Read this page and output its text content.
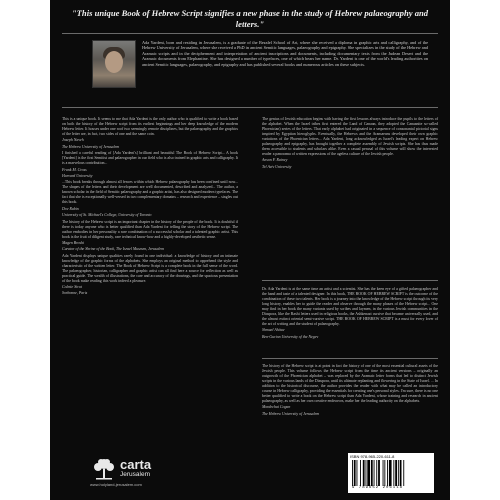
"This unique Book of Hebrew Script signifies a new phase in the study of Hebrew palaeography and letters."
Ada Yardeni, born and residing in Jerusalem, is a graduate of the Bezalel School of Art, where she received a diploma in graphic arts and calligraphy, and of the Hebrew University of Jerusalem, where she received a PhD in ancient Semitic languages, palaeography and epigraphy. She specializes in the study of the Hebrew and Aramaic scripts and in the decipherment and interpretation of ancient inscriptions and documents, including documentary texts from the Judean Desert and the Aramaic documents from Elephantine. She has designed a number of typefaces, one of which bears her name. Dr. Yardeni is one of the world's leading authorities on ancient Semitic languages, palaeography, and epigraphy and has published several books and numerous articles on these subjects.

This is a unique book. It seems to me that Ada Yardeni is the only author who is qualified to write a book based on both the history of the Hebrew script from its earliest beginnings and her deep knowledge of the modern Hebrew letter. It houses under one roof two seemingly remote disciplines, but the palaeography and the graphics of the letter are, in fact, two sides of one and the same coin.

Joseph Naveh

The Hebrew University of Jerusalem

I finished a careful reading of [Ada Yardeni's] brilliant and beautiful The Book of Hebrew Script... A book [Yardeni] is the first Semitist and palaeographer in our field who is also trained in graphic arts and calligraphy. It is a marvelous contribution...

Frank M. Cross

Harvard University

...This book breaks through almost all fences within which Hebrew palaeography has been confined until now... The shapes of the letters and their development are well documented, described and analyzed... The author, a known scholar in the field of Semitic palaeography and a graphic artist, has also designed modern typefaces. The fact that she is exceptionally well-versed in two complementary domains – research and experience – singles out this book.

Dov Rabin

University of St. Michael's College, University of Toronto

The history of the Hebrew script is an important chapter in the history of the people of the book. It is doubtful if there is today anyone who is better qualified than Ada Yardeni for telling the story of the Hebrew script. The author embodies in her personality a rare combination of a successful scholar and a talented graphic artist. This book is the fruit of diligent study, rare technical know-how and a highly-developed aesthetic sense.

Magen Broshi

Curator of the Shrine of the Book, The Israel Museum, Jerusalem

Ada Yardeni displays unique qualities rarely found in one individual: a knowledge of history and an intimate knowledge of the graphic forms of the alphabets. She employs an original method to apprehend the style and characteristic of the written letter. The Book of Hebrew Script is a complete book in the full sense of the word. The palaeographer, historian, calligrapher and graphic artist can all find here a source for reflection as well as practical guide. The wealth of illustrations, the care and accuracy of the drawings, and the spacious presentation of the book make reading this work indeed a pleasure.

Colette Sirat

Sorbonne, Paris

The genius of Jewish education begins with having the first lessons always introduce the pupils to the letters of the alphabet. When the Israel tribes first entered the Land of Canaan, they adopted the Canaanite so-called Phoenician) series of the letters. That early alphabet had originated in a sequence of consonantal pictorial signs inspired by Egyptian hieroglyphs. Eventually, the Hebrews and the Aramaeans developed their own graphic variations of the Phoenician letters... Ada Yardeni, long acknowledged as Israel's leading expert on Hebrew palaeography and epigraphy, has brought together a complete assembly of Jewish scripts. She has thus made them accessible to students and scholars alike. Even a casual perusal of this volume will show the interested reader a panorama of written expressions of the ageless culture of the Jewish people.

Anson F. Rainey

Tel Aviv University

Dr. Ada Yardeni is at the same time an artist and a scientist. She has the keen eye of a gifted palaeographer and the hand and taste of a talented designer. In this book, THE BOOK OF HEBREW SCRIPT is the outcome of the combination of these two talents. Her book is a journey into the knowledge of the Hebrew script through its very long history, enables her to guide the reader and observe through the many phases of the Hebrew script... One may find in her book the many variants used by scribes and laymen, in the various Jewish communities in the Diaspora, like the Rashi letters used in religious books, the Ashkenazi cursive that became universally used, and the almost extinct oriental semi-cursive script. THE BOOK OF HEBREW SCRIPT is a must for every lover of the art of writing and the student of palaeography.

Shmuel Ahituv

Ben-Gurion University of the Negev

The history of the Hebrew script is at point in fact the history of one of the most essential cultural assets of the Jewish people. This volume follows the Hebrew script from the time its ancient versions – originally an outgrowth of the Phoenician alphabet – was replaced by the Aramaic letter forms that led to distinct Jewish scripts in the various lands of the Diaspora, until its ultimate replanting and flowering in the State of Israel. ... In addition to the historical discourse, the author provides the reader with what may be called an introductory course in Hebrew calligraphy, providing the essentials for creating one's personal styles. I'm sure, there is no one better qualified to write a book on the Hebrew script than Ada Yardeni, whose training and research in ancient palaeography, as well as her own creative endeavors, make her the leading authority on the alphabets.

Mordechai Cogan

The Hebrew University of Jerusalem

carta
Jerusalem
www.holyland-jerusalem.com
ISBN 978-965-220-611-8
9 789652 206118
